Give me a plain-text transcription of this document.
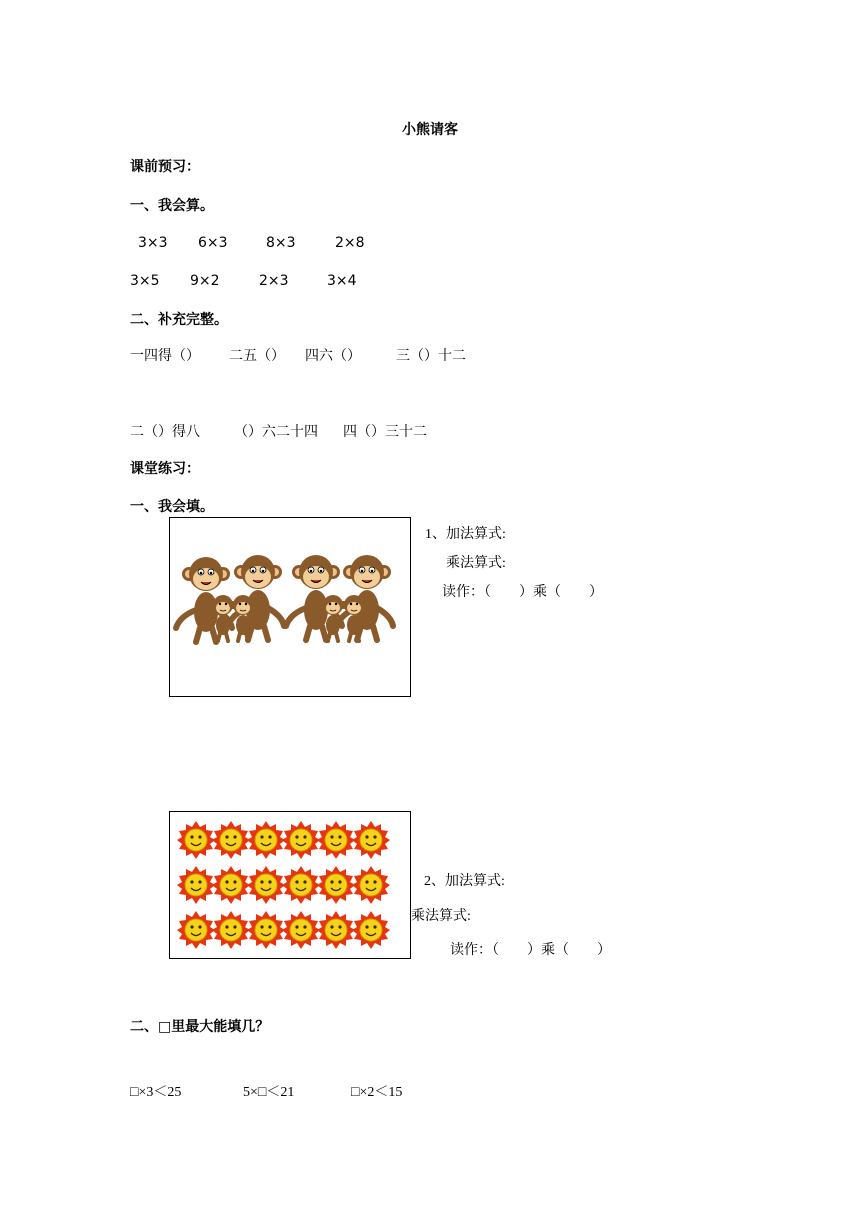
小熊请客
课前预习：
一、我会算。
3×3 6×3	8×3	2×8
3×5 9×2	2×3	3×4
二、补充完整。
一四得（） 二五（） 四六（）	三（）十二
二（）得八 （）六二十四 四（）三十二
课堂练习：
一、我会填。
1、加法算式:
乘法算式:
读作：（　　）乘（　　）
2、加法算式:
乘法算式:
读作：（　　）乘（　　）
二、□里最大能填几？
□×3＜25	5×□＜21	□×2＜15
